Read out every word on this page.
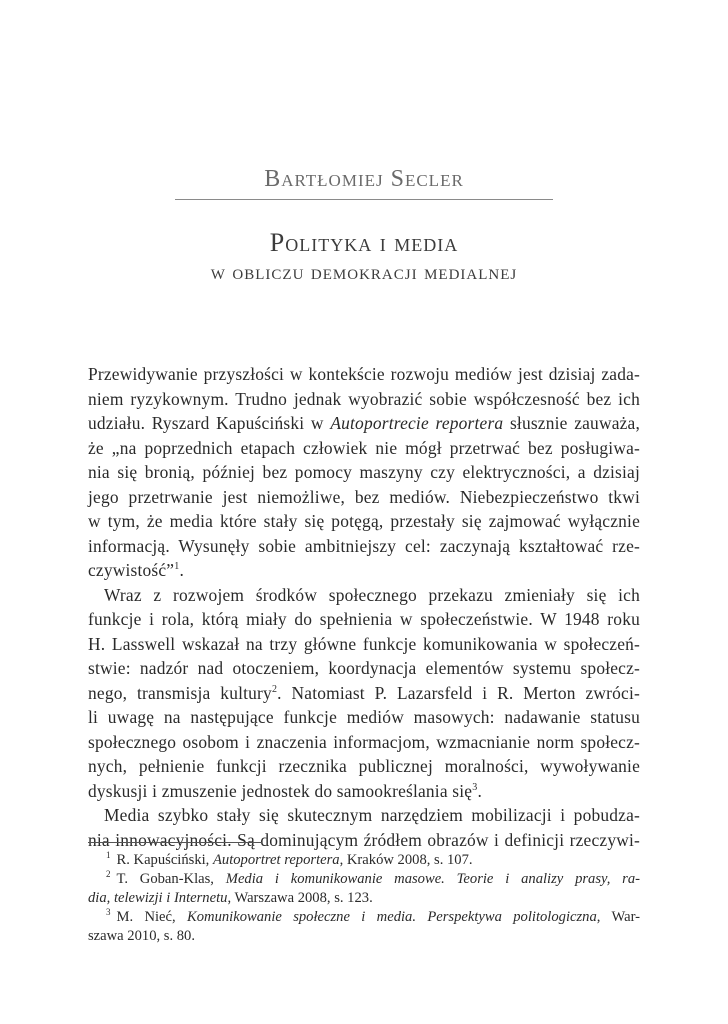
Bartłomiej Secler
Polityka i media
w obliczu demokracji medialnej
Przewidywanie przyszłości w kontekście rozwoju mediów jest dzisiaj zada-
niem ryzykownym. Trudno jednak wyobrazić sobie współczesność bez ich
udziału. Ryszard Kapuściński w Autoportrecie reportera słusznie zauważa,
że „na poprzednich etapach człowiek nie mógł przetrwać bez posługiwa-
nia się bronią, później bez pomocy maszyny czy elektryczności, a dzisiaj
jego przetrwanie jest niemożliwe, bez mediów. Niebezpieczeństwo tkwi
w tym, że media które stały się potęgą, przestały się zajmować wyłącznie
informacją. Wysunęły sobie ambitniejszy cel: zaczynają kształtować rze-
czywistość”$^1$.
Wraz z rozwojem środków społecznego przekazu zmieniały się ich
funkcje i rola, którą miały do spełnienia w społeczeństwie. W 1948 roku
H. Lasswell wskazał na trzy główne funkcje komunikowania w społeczeń-
stwie: nadzór nad otoczeniem, koordynacja elementów systemu społecz-
nego, transmisja kultury$^2$. Natomiast P. Lazarsfeld i R. Merton zwróci-
li uwagę na następujące funkcje mediów masowych: nadawanie statusu
społecznego osobom i znaczenia informacjom, wzmacnianie norm społecz-
nych, pełnienie funkcji rzecznika publicznej moralności, wywoływanie
dyskusji i zmuszenie jednostek do samookreślania się$^3$.
Media szybko stały się skutecznym narzędziem mobilizacji i pobudza-
nia innowacyjności. Są dominującym źródłem obrazów i definicji rzeczywi-
$^1$ R. Kapuściński, Autoportret reportera, Kraków 2008, s. 107.
$^2$ T. Goban-Klas, Media i komunikowanie masowe. Teorie i analizy prasy, ra-
dia, telewizji i Internetu, Warszawa 2008, s. 123.
$^3$ M. Nieć, Komunikowanie społeczne i media. Perspektywa politologiczna, War-
szawa 2010, s. 80.
